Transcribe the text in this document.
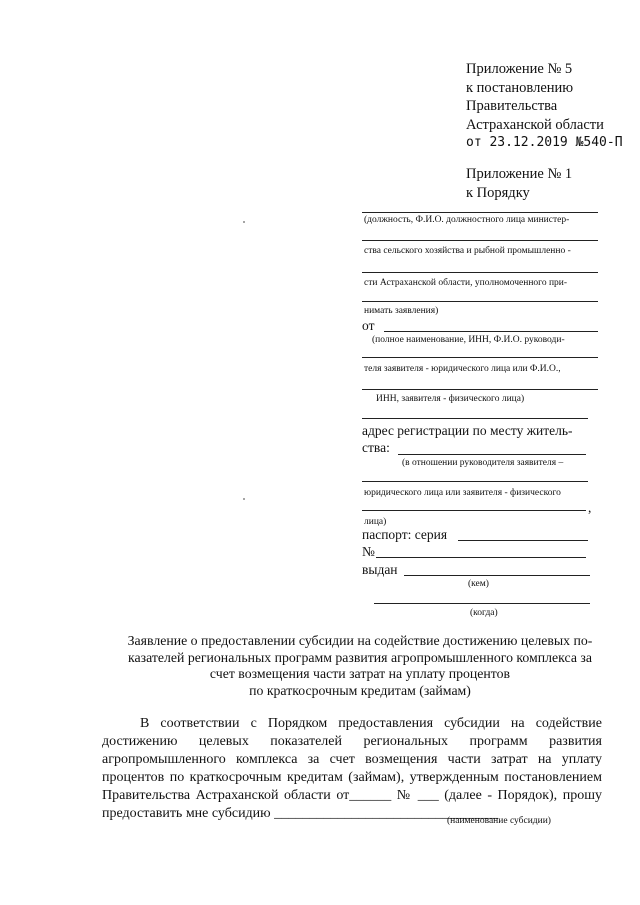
Приложение № 5
к постановлению
Правительства
Астраханской области
от 23.12.2019 №540-П
Приложение № 1
к Порядку
(должность, Ф.И.О. должностного лица министер-
ства сельского хозяйства и рыбной промышленно -
сти Астраханской области, уполномоченного при-
нимать заявления)
от
(полное наименование, ИНН, Ф.И.О. руководи-
теля заявителя - юридического лица или Ф.И.О.,
ИНН, заявителя - физического лица)
адрес регистрации по месту житель-
ства:
(в отношении руководителя заявителя –
юридического лица или заявителя - физического
,
лица)
паспорт: серия
№
выдан
(кем)
(когда)
Заявление о предоставлении субсидии на содействие достижению целевых по-
казателей региональных программ развития агропромышленного комплекса за
счет возмещения части затрат на уплату процентов
по краткосрочным кредитам (займам)
В соответствии с Порядком предоставления субсидии на содействие достижению целевых показателей региональных программ развития агропромышленного комплекса за счет возмещения части затрат на уплату процентов по краткосрочным кредитам (займам), утвержденным постановлением Правительства Астраханской области от______ № ___ (далее - Порядок), прошу предоставить мне субсидию ________________________________
(наименование субсидии)
